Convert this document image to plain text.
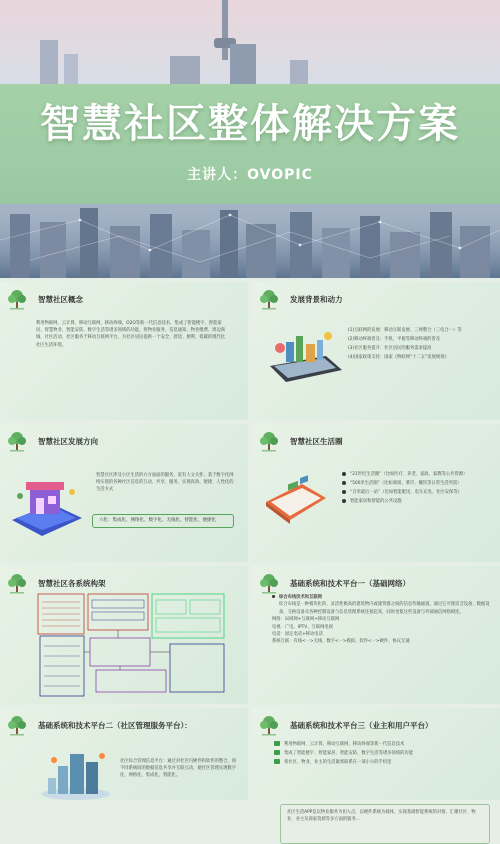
智慧社区整体解决方案
主讲人：OVOPIC
智慧社区概念
利用物联网、云计算、移动互联网、移动终端、O2O等新一代信息技术，集成了智能楼宇、智能家居、智慧物业、智能安防、数字生活等诸多领域的功能，将物业服务、信息通知、物业缴费、周边商城、社区活动、社区服务于移动互联网平台，为社区居民提供一个安全、舒适、便利、低碳的现代化社区生活环境。
发展背景和动力
(1)互联网的发展：移动互联发展、三网整合（三电合一）等
(2)移动终端普及：手机、平板等移动终端的普及
(3)社区服务提升：社区居民的服务需求提高
(4)国家政策支持：国家《物联网“十二五”发展规划》
智慧社区发展方向
智慧社区涉及小区生活的方方面面的服务，富有人文关怀，基于数字化网络实现的各种社区信息的互动、共享、服务、实现高效、便捷、人性化的生活方式
六化：集成化、网络化、数字化、无线化、智能化、便捷化
智慧社区生活圈
“21世纪生活圈”（比如医疗、养老、家政、家教等公共资源）
“500米生活圈”（比如商场、菜市、餐饮等日常生活所需）
“百米最后一站”（比如智能配送、电车充电、社区安保等）
智能家居和智能的公共设施
智慧社区各系统构架	基础系统和技术平台一（基础网络）
综合布线技术和互联网
综合布线是一种模块化的、灵活性极高的建筑物内或建筑群之间的信息传输通道。通过它可使话音设备、数据设备、交换设备及各种控制设备与信息管理系统连接起来，同时也使这些设备与外部通信网络相连。
网络：局域网+互联网+移动互联网
电视：广电、IPTV、互联网电视
电话：固定电话+移动电话
系统互联：有线<一>无线、数字<一>模拟、软件<一>硬件、协议互通
基础系统和技术平台二（社区管理服务平台）：
社区综合管理信息平台：通过对社区内硬件和软件的整合，将不同系统间的数据信息共享并互联互动，使社区管理实现数字化、网络化、集成化、智能化。
基础系统和技术平台三（业主和用户平台）
利用物联网、云计算、移动互联网、移动终端等新一代信息技术
集成了智能楼宇、智能家居、智能安防、数字生活等诸多领域的功能
将社区、物业、业主的生活紧密联系在一部小小的手机里
社区生活APP是以物业服务为切入点，以硬件系统为载体，实现基础智能系统的对接，汇聚社区、物业、业主及商家资源等多方面的服务...
